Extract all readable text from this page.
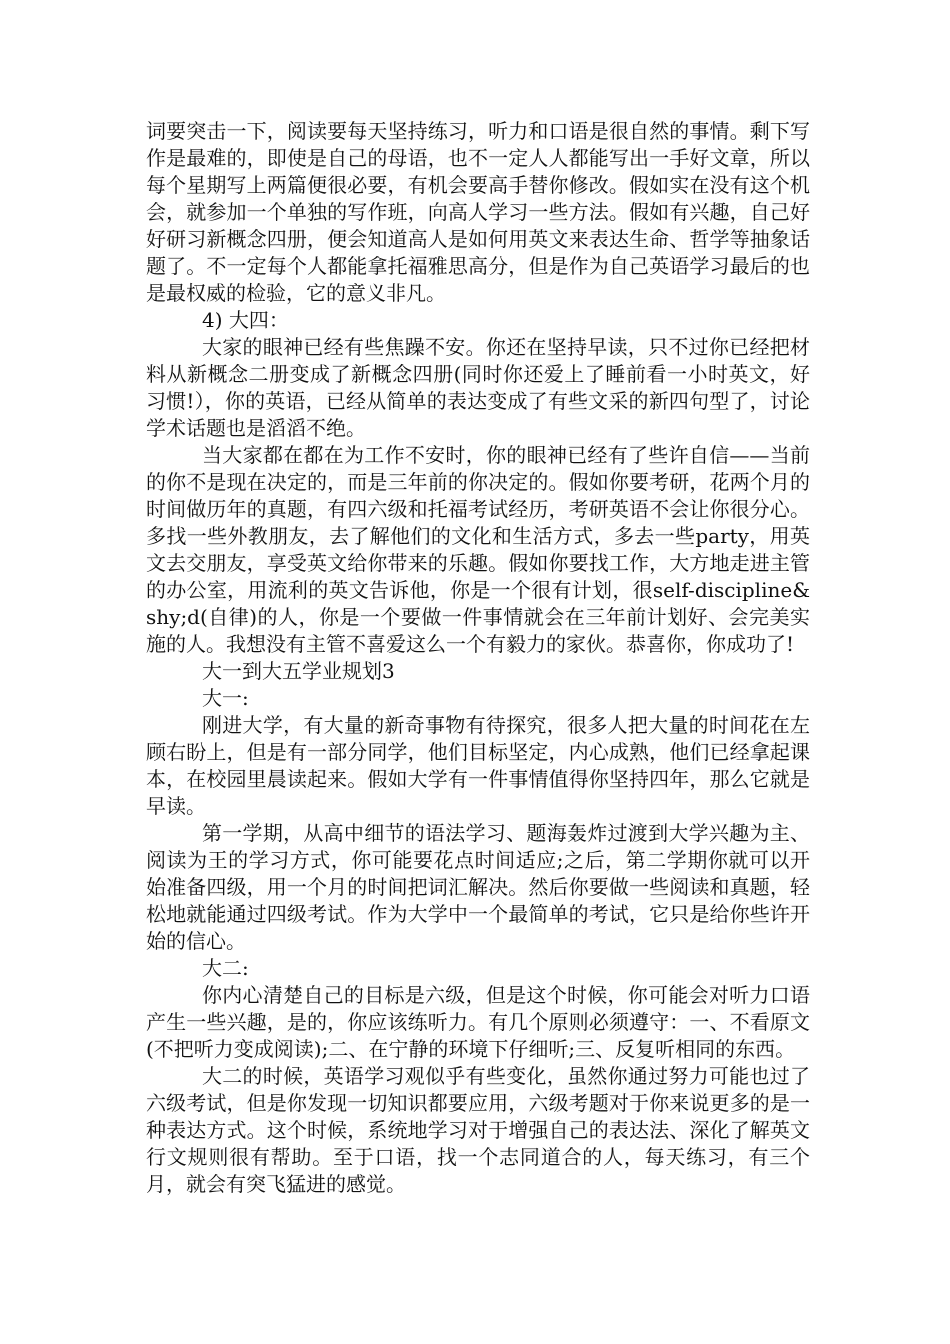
词要突击一下，阅读要每天坚持练习，听力和口语是很自然的事情。剩下写作是最难的，即使是自己的母语，也不一定人人都能写出一手好文章，所以每个星期写上两篇便很必要，有机会要高手替你修改。假如实在没有这个机会，就参加一个单独的写作班，向高人学习一些方法。假如有兴趣，自己好好研习新概念四册，便会知道高人是如何用英文来表达生命、哲学等抽象话题了。不一定每个人都能拿托福雅思高分，但是作为自己英语学习最后的也是最权威的检验，它的意义非凡。

4) 大四：

大家的眼神已经有些焦躁不安。你还在坚持早读，只不过你已经把材料从新概念二册变成了新概念四册(同时你还爱上了睡前看一小时英文，好习惯!），你的英语，已经从简单的表达变成了有些文采的新四句型了，讨论学术话题也是滔滔不绝。

当大家都在都在为工作不安时，你的眼神已经有了些许自信——当前的你不是现在决定的，而是三年前的你决定的。假如你要考研，花两个月的时间做历年的真题，有四六级和托福考试经历，考研英语不会让你很分心。多找一些外教朋友，去了解他们的文化和生活方式，多去一些party，用英文去交朋友，享受英文给你带来的乐趣。假如你要找工作，大方地走进主管的办公室，用流利的英文告诉他，你是一个很有计划，很self-discipline&shy;d(自律)的人，你是一个要做一件事情就会在三年前计划好、会完美实施的人。我想没有主管不喜爱这么一个有毅力的家伙。恭喜你，你成功了!

大一到大五学业规划3

大一:

刚进大学，有大量的新奇事物有待探究，很多人把大量的时间花在左顾右盼上，但是有一部分同学，他们目标坚定，内心成熟，他们已经拿起课本，在校园里晨读起来。假如大学有一件事情值得你坚持四年，那么它就是早读。

第一学期，从高中细节的语法学习、题海轰炸过渡到大学兴趣为主、阅读为王的学习方式，你可能要花点时间适应;之后，第二学期你就可以开始准备四级，用一个月的时间把词汇解决。然后你要做一些阅读和真题，轻松地就能通过四级考试。作为大学中一个最简单的考试，它只是给你些许开始的信心。

大二:

你内心清楚自己的目标是六级，但是这个时候，你可能会对听力口语产生一些兴趣，是的，你应该练听力。有几个原则必须遵守：一、不看原文(不把听力变成阅读);二、在宁静的环境下仔细听;三、反复听相同的东西。

大二的时候，英语学习观似乎有些变化，虽然你通过努力可能也过了六级考试，但是你发现一切知识都要应用，六级考题对于你来说更多的是一种表达方式。这个时候，系统地学习对于增强自己的表达法、深化了解英文行文规则很有帮助。至于口语，找一个志同道合的人，每天练习，有三个月，就会有突飞猛进的感觉。
